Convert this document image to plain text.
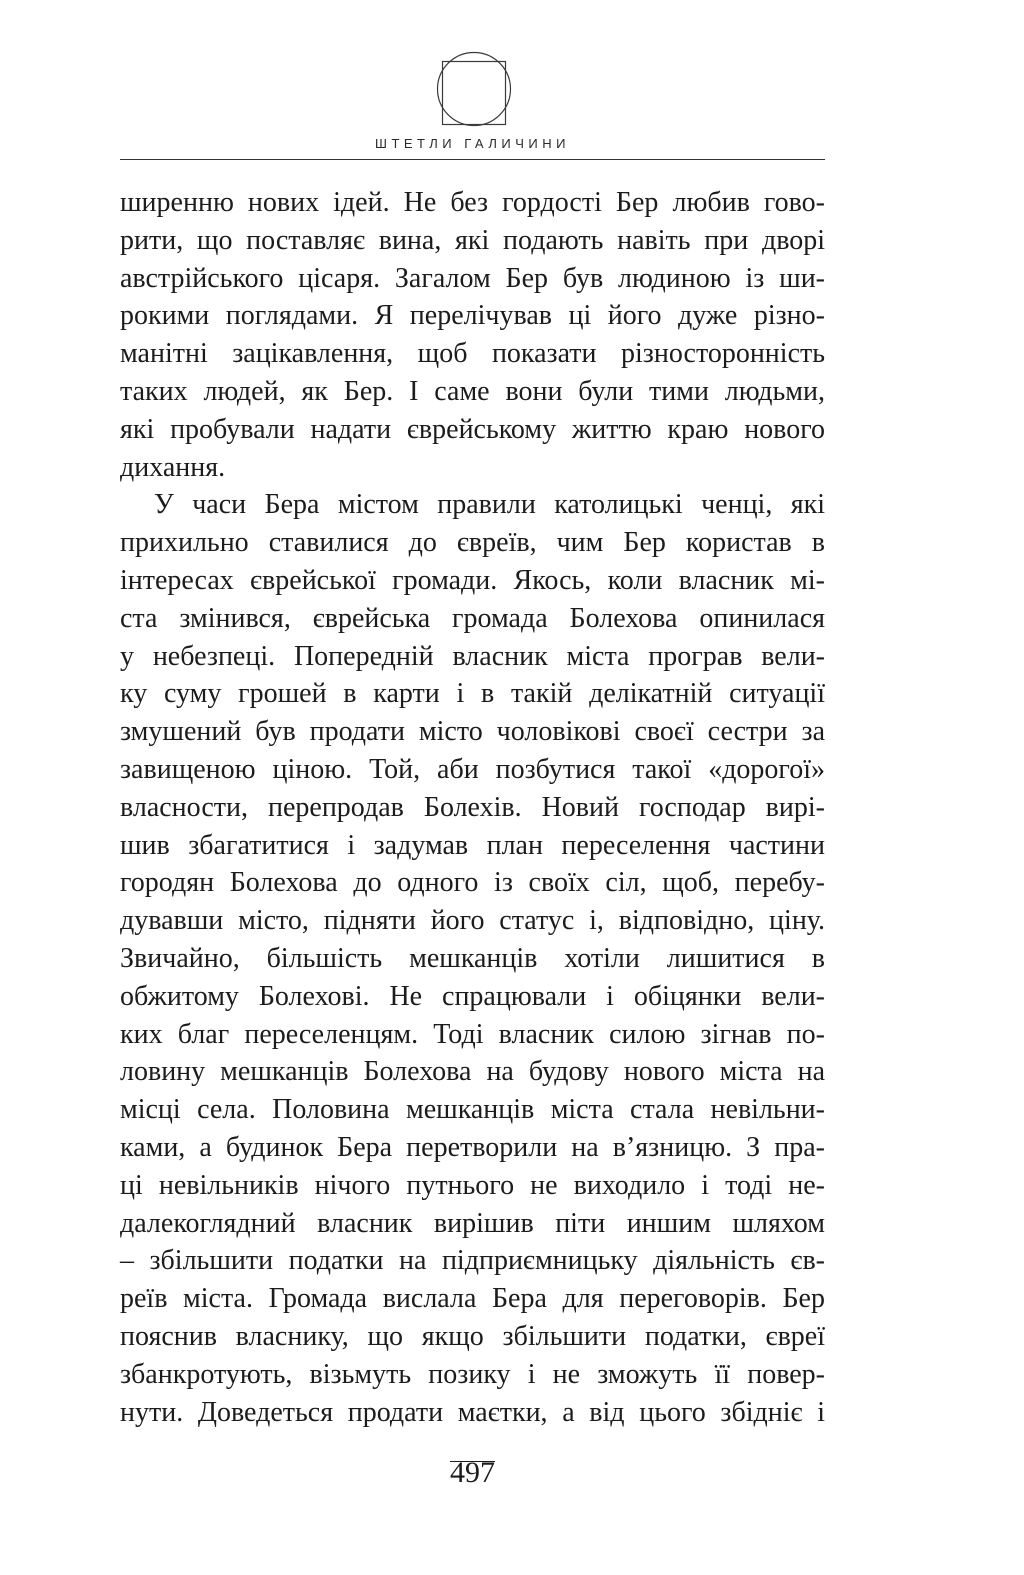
ШТЕТЛИ ГАЛИЧИНИ
ширенню нових ідей. Не без гордості Бер любив гово-
рити, що поставляє вина, які подають навіть при дворі
австрійського цісаря. Загалом Бер був людиною із ши-
рокими поглядами. Я перелічував ці його дуже різно-
манітні зацікавлення, щоб показати різносторонність
таких людей, як Бер. І саме вони були тими людьми,
які пробували надати єврейському життю краю нового
дихання.
У часи Бера містом правили католицькі ченці, які
прихильно ставилися до євреїв, чим Бер користав в
інтересах єврейської громади. Якось, коли власник мі-
ста змінився, єврейська громада Болехова опинилася
у небезпеці. Попередній власник міста програв вели-
ку суму грошей в карти і в такій делікатній ситуації
змушений був продати місто чоловікові своєї сестри за
завищеною ціною. Той, аби позбутися такої «дорогої»
власности, перепродав Болехів. Новий господар вирі-
шив збагатитися і задумав план переселення частини
городян Болехова до одного із своїх сіл, щоб, перебу-
дувавши місто, підняти його статус і, відповідно, ціну.
Звичайно, більшість мешканців хотіли лишитися в
обжитому Болехові. Не спрацювали і обіцянки вели-
ких благ переселенцям. Тоді власник силою зігнав по-
ловину мешканців Болехова на будову нового міста на
місці села. Половина мешканців міста стала невільни-
ками, а будинок Бера перетворили на в’язницю. З пра-
ці невільників нічого путнього не виходило і тоді не-
далекоглядний власник вирішив піти иншим шляхом
– збільшити податки на підприємницьку діяльність єв-
реїв міста. Громада вислала Бера для переговорів. Бер
пояснив власнику, що якщо збільшити податки, євреї
збанкротують, візьмуть позику і не зможуть її повер-
нути. Доведеться продати маєтки, а від цього збідніє і
497
